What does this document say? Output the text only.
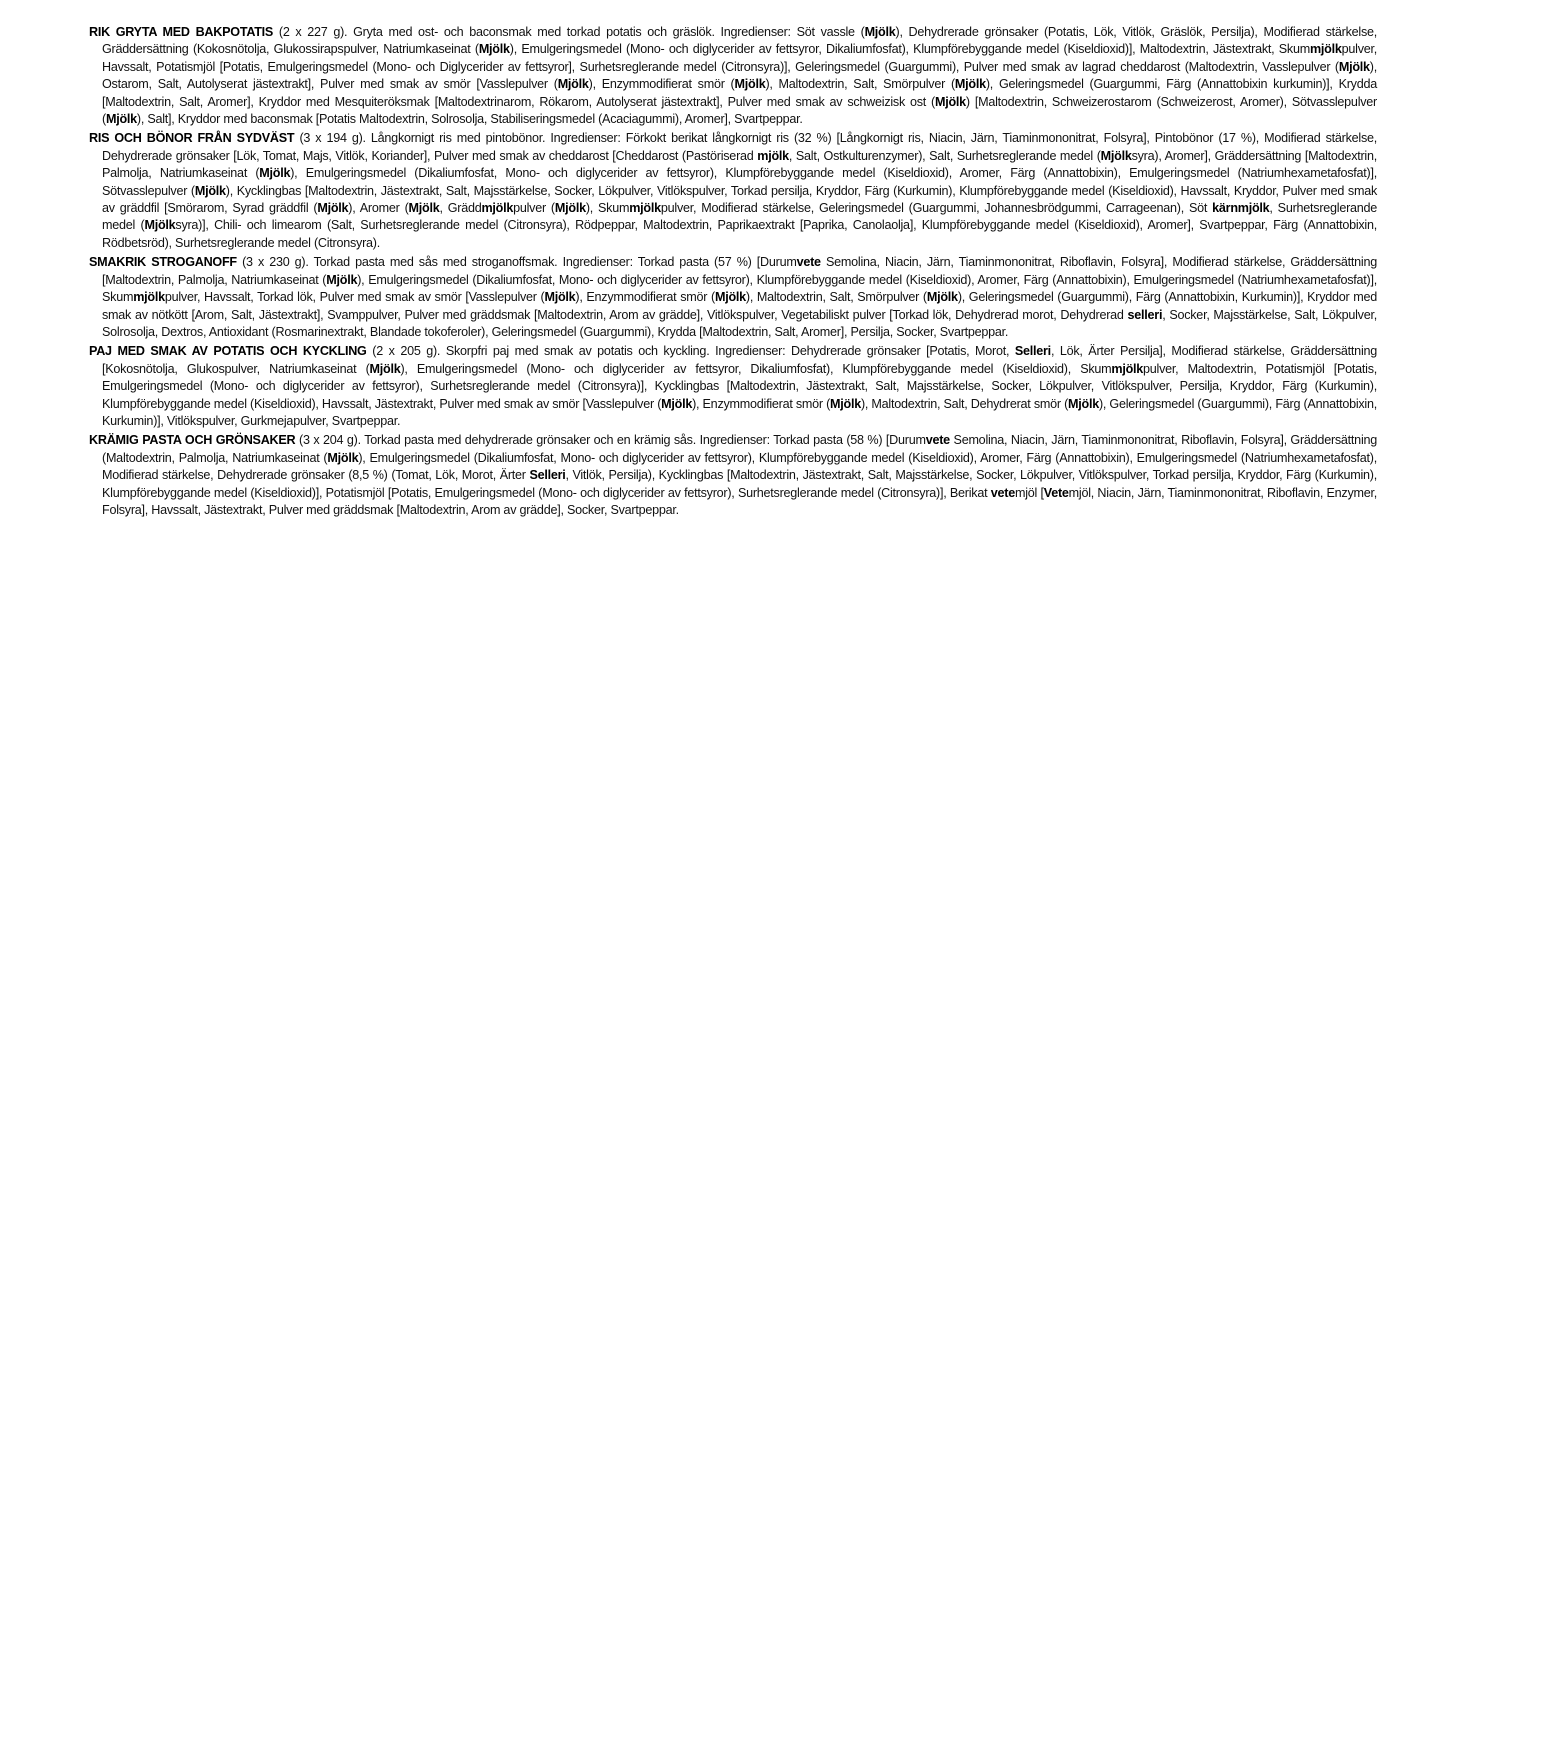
RIK GRYTA MED BAKPOTATIS (2 x 227 g). Gryta med ost- och baconsmak med torkad potatis och gräslök. Ingredienser: Söt vassle (Mjölk), Dehydrerade grönsaker (Potatis, Lök, Vitlök, Gräslök, Persilja), Modifierad stärkelse, Gräddersättning (Kokosnötolja, Glukossirapspulver, Natriumkaseinat (Mjölk), Emulgeringsmedel (Mono- och diglycerider av fettsyror, Dikaliumfosfat), Klumpförebyggande medel (Kiseldioxid)], Maltodextrin, Jästextrakt, Skummjölkpulver, Havssalt, Potatismjöl [Potatis, Emulgeringsmedel (Mono- och Diglycerider av fettsyror], Surhetsreglerande medel (Citronsyra)], Geleringsmedel (Guargummi), Pulver med smak av lagrad cheddarost (Maltodextrin, Vasslepulver (Mjölk), Ostarom, Salt, Autolyserat jästextrakt], Pulver med smak av smör [Vasslepulver (Mjölk), Enzymmodifierat smör (Mjölk), Maltodextrin, Salt, Smörpulver (Mjölk), Geleringsmedel (Guargummi, Färg (Annattobixin kurkumin)], Krydda [Maltodextrin, Salt, Aromer], Kryddor med Mesquiteröksmak [Maltodextrinarom, Rökarom, Autolyserat jästextrakt], Pulver med smak av schweizisk ost (Mjölk) [Maltodextrin, Schweizerostarom (Schweizerost, Aromer), Sötvasslepulver (Mjölk), Salt], Kryddor med baconsmak [Potatis Maltodextrin, Solrosolja, Stabiliseringsmedel (Acaciagummi), Aromer], Svartpeppar.

RIS OCH BÖNOR FRÅN SYDVÄST (3 x 194 g). Långkornigt ris med pintobönor. Ingredienser: Förkokt berikat långkornigt ris (32 %) [Långkornigt ris, Niacin, Järn, Tiaminmononitrat, Folsyra], Pintobönor (17 %), Modifierad stärkelse, Dehydrerade grönsaker [Lök, Tomat, Majs, Vitlök, Koriander], Pulver med smak av cheddarost [Cheddarost (Pastöriserad mjölk, Salt, Ostkulturenzymer), Salt, Surhetsreglerande medel (Mjölksyra), Aromer], Gräddersättning [Maltodextrin, Palmolja, Natriumkaseinat (Mjölk), Emulgeringsmedel (Dikaliumfosfat, Mono- och diglycerider av fettsyror), Klumpförebyggande medel (Kiseldioxid), Aromer, Färg (Annattobixin), Emulgeringsmedel (Natriumhexametafosfat)], Sötvasslepulver (Mjölk), Kycklingbas [Maltodextrin, Jästextrakt, Salt, Majsstärkelse, Socker, Lökpulver, Vitlökspulver, Torkad persilja, Kryddor, Färg (Kurkumin), Klumpförebyggande medel (Kiseldioxid), Havssalt, Kryddor, Pulver med smak av gräddfil [Smörarom, Syrad gräddfil (Mjölk), Aromer (Mjölk, Gräddmjölkpulver (Mjölk), Skummjölkpulver, Modifierad stärkelse, Geleringsmedel (Guargummi, Johannesbrödgummi, Carrageenan), Söt kärnmjölk, Surhetsreglerande medel (Mjölksyra)], Chili- och limearom (Salt, Surhetsreglerande medel (Citronsyra), Rödpeppar, Maltodextrin, Paprikaextrakt [Paprika, Canolaolja], Klumpförebyggande medel (Kiseldioxid), Aromer], Svartpeppar, Färg (Annattobixin, Rödbetsröd), Surhetsreglerande medel (Citronsyra).

SMAKRIK STROGANOFF (3 x 230 g). Torkad pasta med sås med stroganoffsmak. Ingredienser: Torkad pasta (57 %) [Durumvete Semolina, Niacin, Järn, Tiaminmononitrat, Riboflavin, Folsyra], Modifierad stärkelse, Gräddersättning [Maltodextrin, Palmolja, Natriumkaseinat (Mjölk), Emulgeringsmedel (Dikaliumfosfat, Mono- och diglycerider av fettsyror), Klumpförebyggande medel (Kiseldioxid), Aromer, Färg (Annattobixin), Emulgeringsmedel (Natriumhexametafosfat)], Skummjölkpulver, Havssalt, Torkad lök, Pulver med smak av smör [Vasslepulver (Mjölk), Enzymmodifierat smör (Mjölk), Maltodextrin, Salt, Smörpulver (Mjölk), Geleringsmedel (Guargummi), Färg (Annattobixin, Kurkumin)], Kryddor med smak av nötkött [Arom, Salt, Jästextrakt], Svamppulver, Pulver med gräddsmak [Maltodextrin, Arom av grädde], Vitlökspulver, Vegetabiliskt pulver [Torkad lök, Dehydrerad morot, Dehydrerad selleri, Socker, Majsstärkelse, Salt, Lökpulver, Solrosolja, Dextros, Antioxidant (Rosmarinextrakt, Blandade tokoferoler), Geleringsmedel (Guargummi), Krydda [Maltodextrin, Salt, Aromer], Persilja, Socker, Svartpeppar.

PAJ MED SMAK AV POTATIS OCH KYCKLING (2 x 205 g). Skorpfri paj med smak av potatis och kyckling. Ingredienser: Dehydrerade grönsaker [Potatis, Morot, Selleri, Lök, Ärter Persilja], Modifierad stärkelse, Gräddersättning [Kokosnötolja, Glukospulver, Natriumkaseinat (Mjölk), Emulgeringsmedel (Mono- och diglycerider av fettsyror, Dikaliumfosfat), Klumpförebyggande medel (Kiseldioxid), Skummjölkpulver, Maltodextrin, Potatismjöl [Potatis, Emulgeringsmedel (Mono- och diglycerider av fettsyror), Surhetsreglerande medel (Citronsyra)], Kycklingbas [Maltodextrin, Jästextrakt, Salt, Majsstärkelse, Socker, Lökpulver, Vitlökspulver, Persilja, Kryddor, Färg (Kurkumin), Klumpförebyggande medel (Kiseldioxid), Havssalt, Jästextrakt, Pulver med smak av smör [Vasslepulver (Mjölk), Enzymmodifierat smör (Mjölk), Maltodextrin, Salt, Dehydrerat smör (Mjölk), Geleringsmedel (Guargummi), Färg (Annattobixin, Kurkumin)], Vitlökspulver, Gurkmejapulver, Svartpeppar.

KRÄMIG PASTA OCH GRÖNSAKER (3 x 204 g). Torkad pasta med dehydrerade grönsaker och en krämig sås. Ingredienser: Torkad pasta (58 %) [Durumvete Semolina, Niacin, Järn, Tiaminmononitrat, Riboflavin, Folsyra], Gräddersättning (Maltodextrin, Palmolja, Natriumkaseinat (Mjölk), Emulgeringsmedel (Dikaliumfosfat, Mono- och diglycerider av fettsyror), Klumpförebyggande medel (Kiseldioxid), Aromer, Färg (Annattobixin), Emulgeringsmedel (Natriumhexametafosfat), Modifierad stärkelse, Dehydrerade grönsaker (8,5 %) (Tomat, Lök, Morot, Ärter Selleri, Vitlök, Persilja), Kycklingbas [Maltodextrin, Jästextrakt, Salt, Majsstärkelse, Socker, Lökpulver, Vitlökspulver, Torkad persilja, Kryddor, Färg (Kurkumin), Klumpförebyggande medel (Kiseldioxid)], Potatismjöl [Potatis, Emulgeringsmedel (Mono- och diglycerider av fettsyror), Surhetsreglerande medel (Citronsyra)], Berikat vetemjöl [Vetemjöl, Niacin, Järn, Tiaminmononitrat, Riboflavin, Enzymer, Folsyra], Havssalt, Jästextrakt, Pulver med gräddsmak [Maltodextrin, Arom av grädde], Socker, Svartpeppar.
